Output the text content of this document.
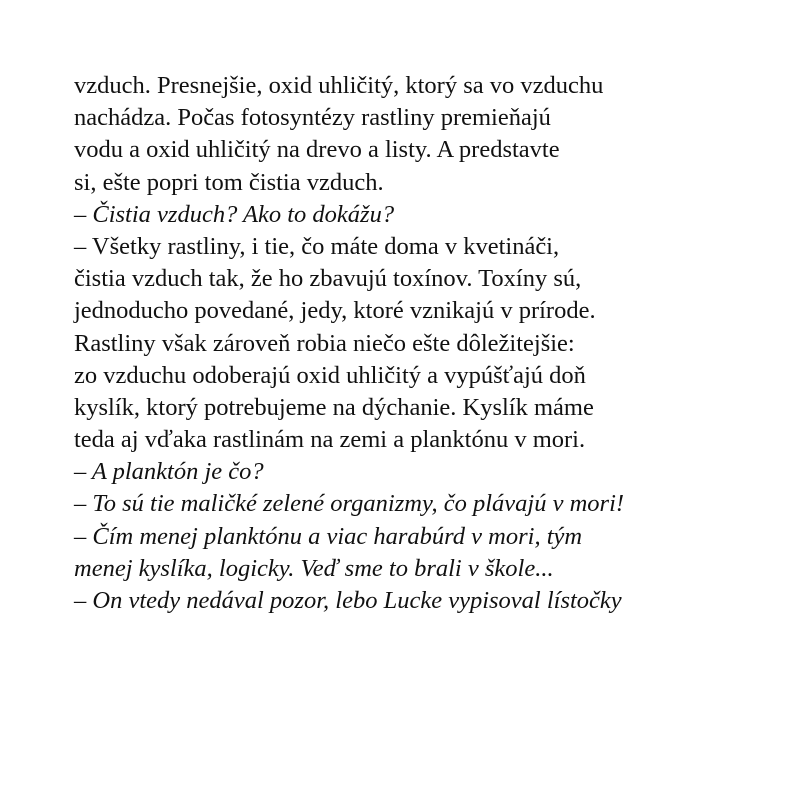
vzduch. Presnejšie, oxid uhličitý, ktorý sa vo vzduchu
nachádza. Počas fotosyntézy rastliny premieňajú
vodu a oxid uhličitý na drevo a listy. A predstavte
si, ešte popri tom čistia vzduch.
– Čistia vzduch? Ako to dokážu?
– Všetky rastliny, i tie, čo máte doma v kvetináči,
čistia vzduch tak, že ho zbavujú toxínov. Toxíny sú,
jednoducho povedané, jedy, ktoré vznikajú v prírode.
Rastliny však zároveň robia niečo ešte dôležitejšie:
zo vzduchu odoberajú oxid uhličitý a vypúšťajú doň
kyslík, ktorý potrebujeme na dýchanie. Kyslík máme
teda aj vďaka rastlinám na zemi a planktónu v mori.
– A planktón je čo?
– To sú tie maličké zelené organizmy, čo plávajú v mori!
– Čím menej planktónu a viac harabúrd v mori, tým
menej kyslíka, logicky. Veď sme to brali v škole...
– On vtedy nedával pozor, lebo Lucke vypisoval lístočky
